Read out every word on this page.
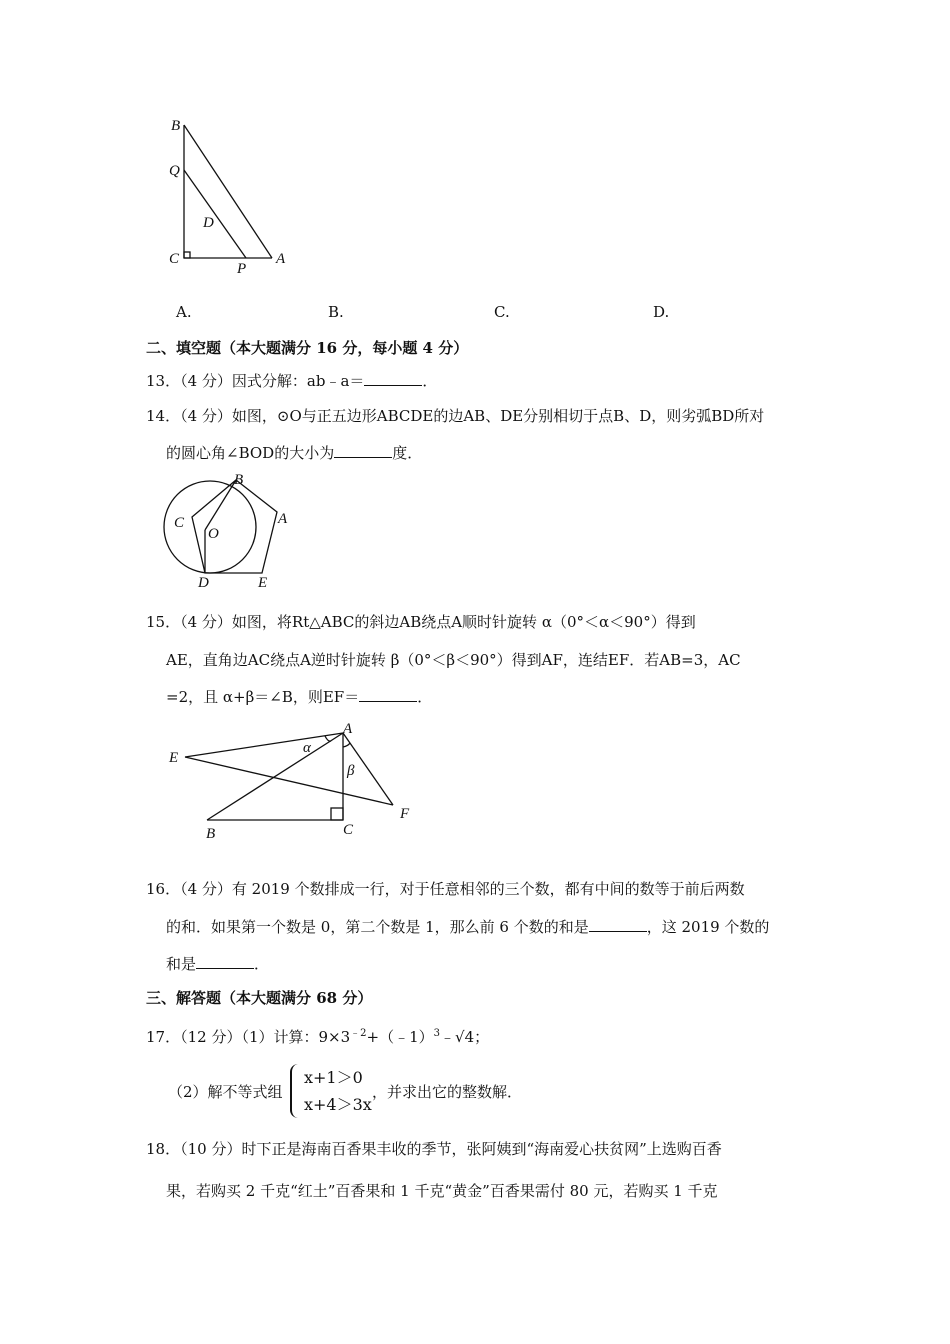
B
Q
D
C
P
A
B
C
O
A
D	E
E
A
α
β
F
B	C
A.	B.	C.	D.
二、填空题（本大题满分 16 分，每小题 4 分）
13．（4 分）因式分解：ab﹣a＝	．
14．（4 分）如图，⊙O与正五边形ABCDE的边AB、DE分别相切于点B、D，则劣弧BD所对
的圆心角∠BOD的大小为	度．
15．（4 分）如图，将Rt△ABC的斜边AB绕点A顺时针旋转 α（0°＜α＜90°）得到
AE，直角边AC绕点A逆时针旋转 β（0°＜β＜90°）得到AF，连结EF．若AB=3，AC
=2，且 α+β＝∠B，则EF＝	．
16．（4 分）有 2019 个数排成一行，对于任意相邻的三个数，都有中间的数等于前后两数
的和．如果第一个数是 0，第二个数是 1，那么前 6 个数的和是	，这 2019 个数的
和是	．
三、解答题（本大题满分 68 分）
17．（12 分）（1）计算：$9\times 3^{﹣2}+(﹣1)^3﹣√4$；
（2）解不等式组
x+1＞0
x+4＞3x
，并求出它的整数解．
18．（10 分）时下正是海南百香果丰收的季节，张阿姨到“海南爱心扶贫网”上选购百香
果，若购买 2 千克“红土”百香果和 1 千克“黄金”百香果需付 80 元，若购买 1 千克
